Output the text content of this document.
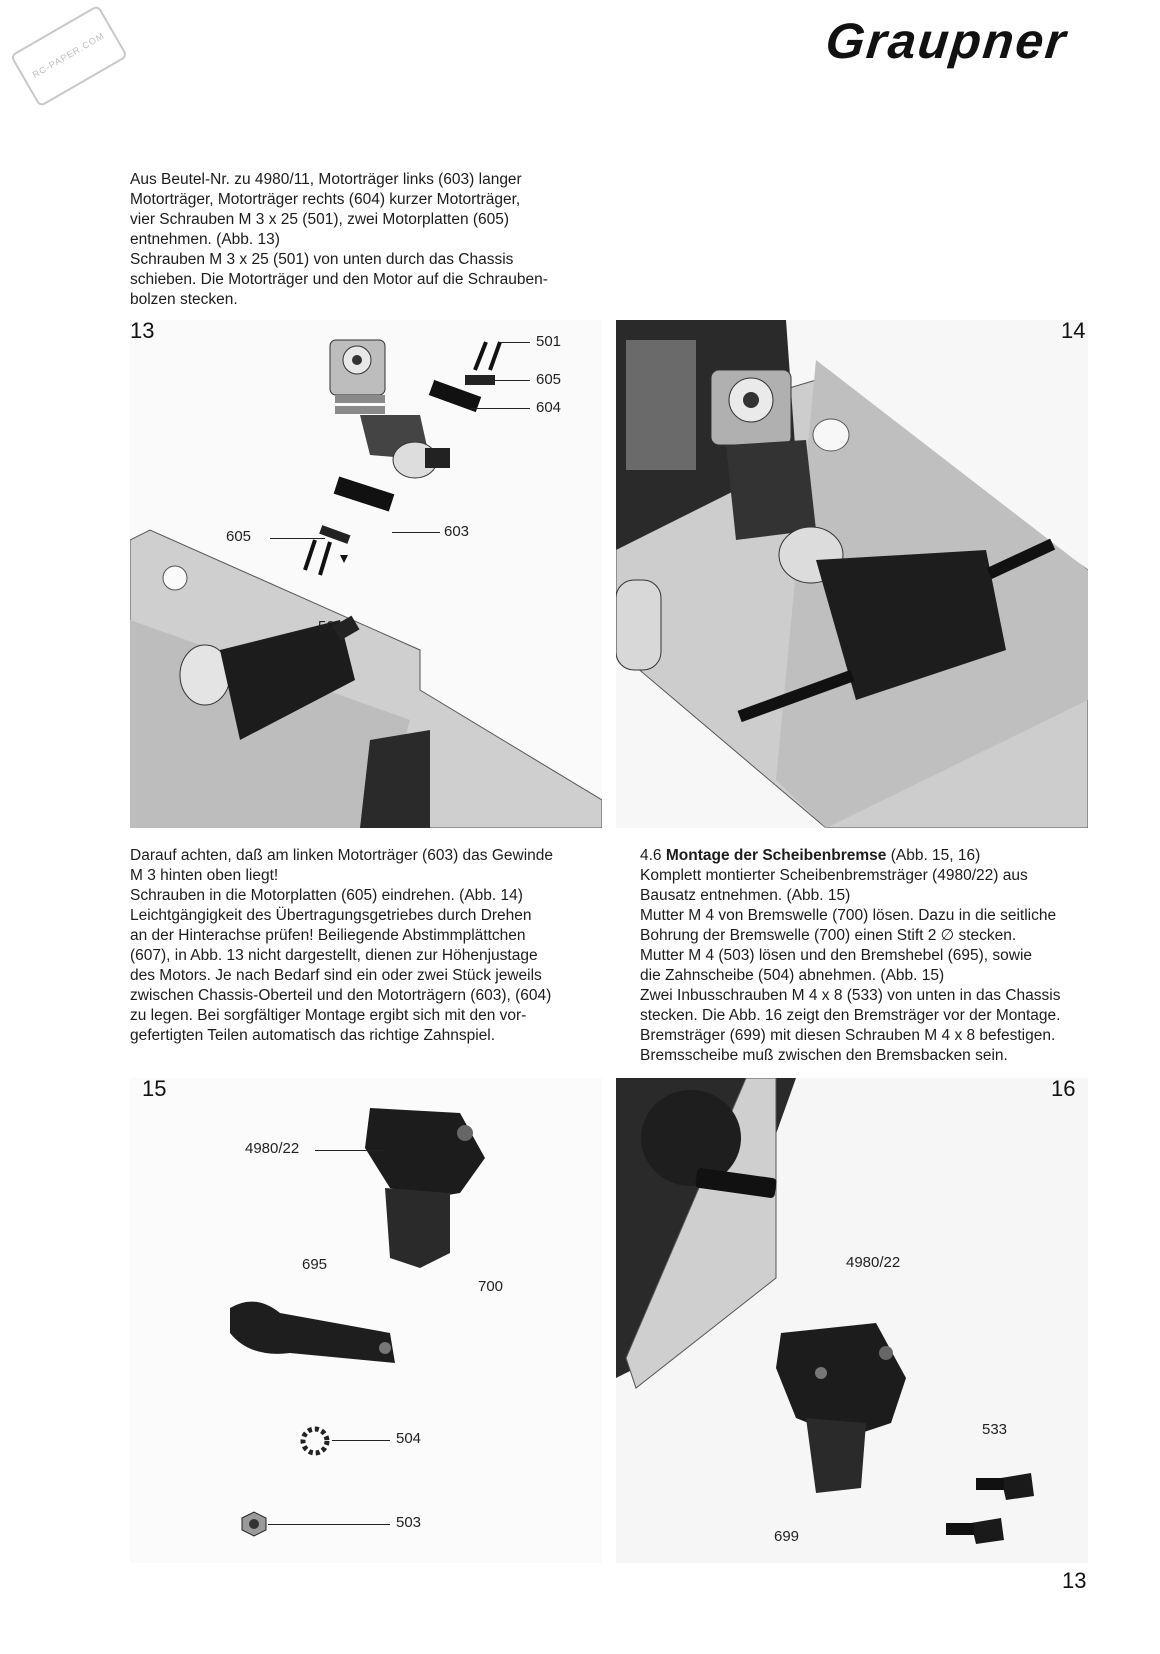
RC-PAPER.COM	Graupner
Aus Beutel-Nr. zu 4980/11, Motorträger links (603) langer
Motorträger, Motorträger rechts (604) kurzer Motorträger,
vier Schrauben M 3 x 25 (501), zwei Motorplatten (605)
entnehmen. (Abb. 13)
Schrauben M 3 x 25 (501) von unten durch das Chassis
schieben. Die Motorträger und den Motor auf die Schrauben-
bolzen stecken.
13	501
605
604
605	603
501
14
Darauf achten, daß am linken Motorträger (603) das Gewinde
M 3 hinten oben liegt!
Schrauben in die Motorplatten (605) eindrehen. (Abb. 14)
Leichtgängigkeit des Übertragungsgetriebes durch Drehen
an der Hinterachse prüfen! Beiliegende Abstimmplättchen
(607), in Abb. 13 nicht dargestellt, dienen zur Höhenjustage
des Motors. Je nach Bedarf sind ein oder zwei Stück jeweils
zwischen Chassis-Oberteil und den Motorträgern (603), (604)
zu legen. Bei sorgfältiger Montage ergibt sich mit den vor-
gefertigten Teilen automatisch das richtige Zahnspiel.
4.6 Montage der Scheibenbremse (Abb. 15, 16)
Komplett montierter Scheibenbremsträger (4980/22) aus
Bausatz entnehmen. (Abb. 15)
Mutter M 4 von Bremswelle (700) lösen. Dazu in die seitliche
Bohrung der Bremswelle (700) einen Stift 2 ∅ stecken.
Mutter M 4 (503) lösen und den Bremshebel (695), sowie
die Zahnscheibe (504) abnehmen. (Abb. 15)
Zwei Inbusschrauben M 4 x 8 (533) von unten in das Chassis
stecken. Die Abb. 16 zeigt den Bremsträger vor der Montage.
Bremsträger (699) mit diesen Schrauben M 4 x 8 befestigen.
Bremsscheibe muß zwischen den Bremsbacken sein.
15
4980/22
695
700
504
503
16
4980/22
533
699
13
